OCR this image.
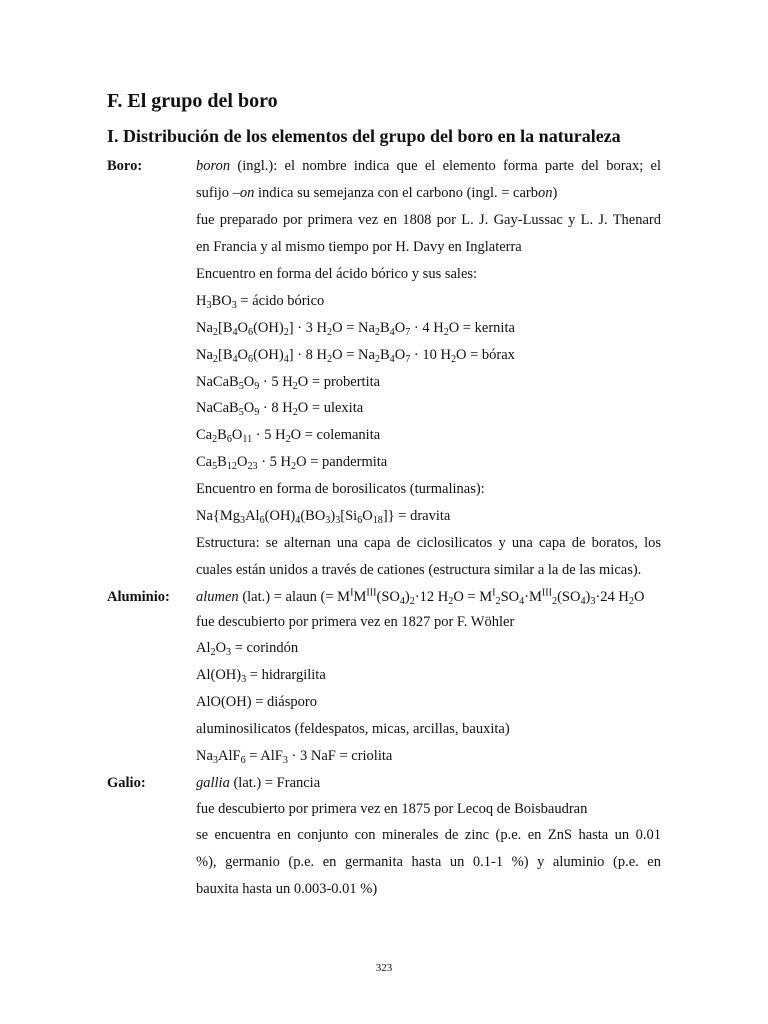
F. El grupo del boro
I. Distribución de los elementos del grupo del boro en la naturaleza
Boro:	boron (ingl.): el nombre indica que el elemento forma parte del borax; el
sufijo –on indica su semejanza con el carbono (ingl. = carbon)
fue preparado por primera vez en 1808 por L. J. Gay-Lussac y L. J. Thenard
en Francia y al mismo tiempo por H. Davy en Inglaterra
Encuentro en forma del ácido bórico y sus sales:
$H_3BO_3$ = ácido bórico
$Na_2[B_4O_6(OH)_2] \cdot 3$ $H_2O = Na_2B_4O_7 \cdot 4$ $H_2O$ = kernita
$Na_2[B_4O_6(OH)_4] \cdot 8$ $H_2O = Na_2B_4O_7 \cdot 10$ $H_2O$ = bórax
$NaCaB_5O_9 \cdot 5$ $H_2O$ = probertita
$NaCaB_5O_9 \cdot 8$ $H_2O$ = ulexita
$Ca_2B_6O_{11} \cdot 5$ $H_2O$ = colemanita
$Ca_5B_{12}O_{23} \cdot 5$ $H_2O$ = pandermita
Encuentro en forma de borosilicatos (turmalinas):
$Na\{Mg_3Al_6(OH)_4(BO_3)_3[Si_6O_{18}]\}$ = dravita
Estructura: se alternan una capa de ciclosilicatos y una capa de boratos, los
cuales están unidos a través de cationes (estructura similar a la de las micas).
Aluminio: alumen (lat.) = alaun (= $M^IM^{III}(SO_4)_2\cdot 12$ $H_2O = M^I_2SO_4\cdot M^{III}_2(SO_4)_3\cdot 24$ $H_2O$
fue descubierto por primera vez en 1827 por F. Wöhler
$Al_2O_3$ = corindón
$Al(OH)_3$ = hidrargilita
AlO(OH) = diásporo
aluminosilicatos (feldespatos, micas, arcillas, bauxita)
$Na_3AlF_6 = AlF_3 \cdot 3$ NaF = criolita
Galio:	gallia (lat.) = Francia
fue descubierto por primera vez en 1875 por Lecoq de Boisbaudran
se encuentra en conjunto con minerales de zinc (p.e. en ZnS hasta un 0.01
%), germanio (p.e. en germanita hasta un 0.1-1 %) y aluminio (p.e. en
bauxita hasta un 0.003-0.01 %)
323
